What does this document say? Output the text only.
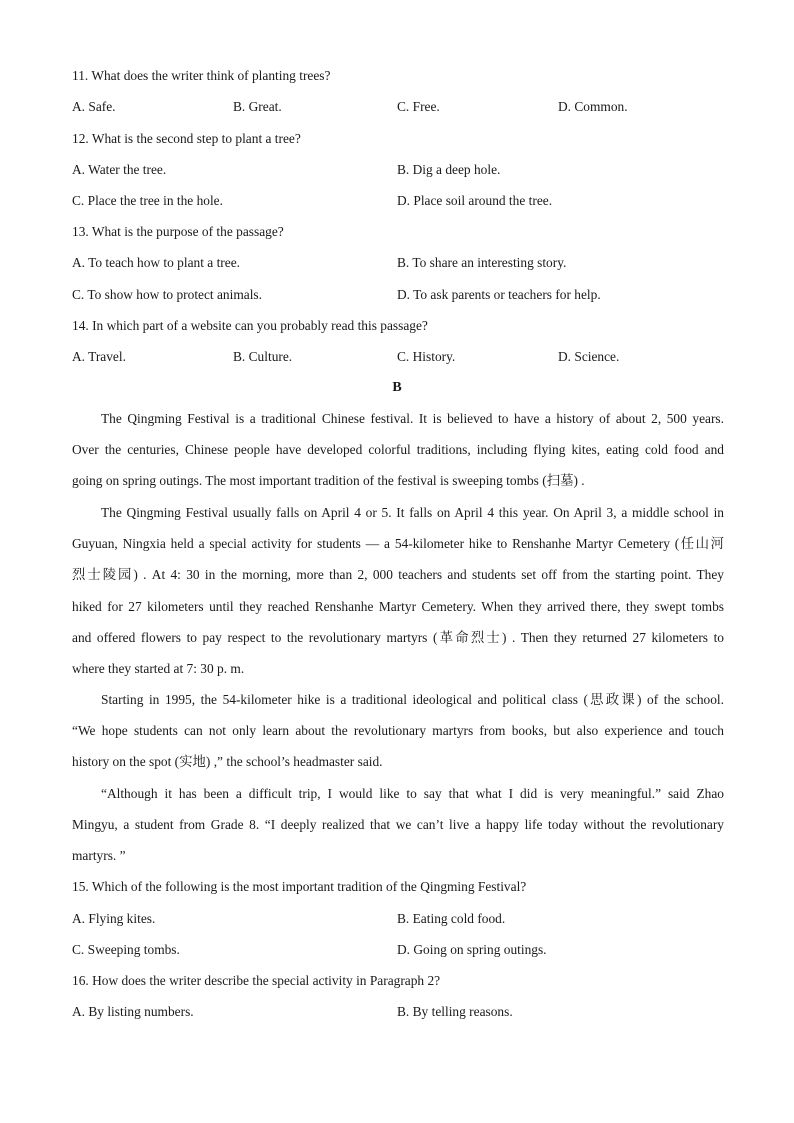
11. What does the writer think of planting trees?
A. Safe.	B. Great.	C. Free.	D. Common.
12. What is the second step to plant a tree?
A. Water the tree.	B. Dig a deep hole.
C. Place the tree in the hole.	D. Place soil around the tree.
13. What is the purpose of the passage?
A. To teach how to plant a tree.	B. To share an interesting story.
C. To show how to protect animals.	D. To ask parents or teachers for help.
14. In which part of a website can you probably read this passage?
A. Travel.	B. Culture.	C. History.	D. Science.
B
The Qingming Festival is a traditional Chinese festival. It is believed to have a history of about 2, 500 years.
Over the centuries, Chinese people have developed colorful traditions, including flying kites, eating cold food and
going on spring outings. The most important tradition of the festival is sweeping tombs (扫墓) .
The Qingming Festival usually falls on April 4 or 5. It falls on April 4 this year. On April 3, a middle school in
Guyuan, Ningxia held a special activity for students — a 54-kilometer hike to Renshanhe Martyr Cemetery (任山河
烈士陵园) . At 4: 30 in the morning, more than 2, 000 teachers and students set off from the starting point. They
hiked for 27 kilometers until they reached Renshanhe Martyr Cemetery. When they arrived there, they swept tombs
and offered flowers to pay respect to the revolutionary martyrs (革命烈士) . Then they returned 27 kilometers to
where they started at 7: 30 p. m.
Starting in 1995, the 54-kilometer hike is a traditional ideological and political class (思政课) of the school.
“We hope students can not only learn about the revolutionary martyrs from books, but also experience and touch
history on the spot (实地) ,” the school’s headmaster said.
“Although it has been a difficult trip, I would like to say that what I did is very meaningful.” said Zhao
Mingyu, a student from Grade 8. “I deeply realized that we can’t live a happy life today without the revolutionary
martyrs. ”
15. Which of the following is the most important tradition of the Qingming Festival?
A. Flying kites.	B. Eating cold food.
C. Sweeping tombs.	D. Going on spring outings.
16. How does the writer describe the special activity in Paragraph 2?
A. By listing numbers.	B. By telling reasons.
